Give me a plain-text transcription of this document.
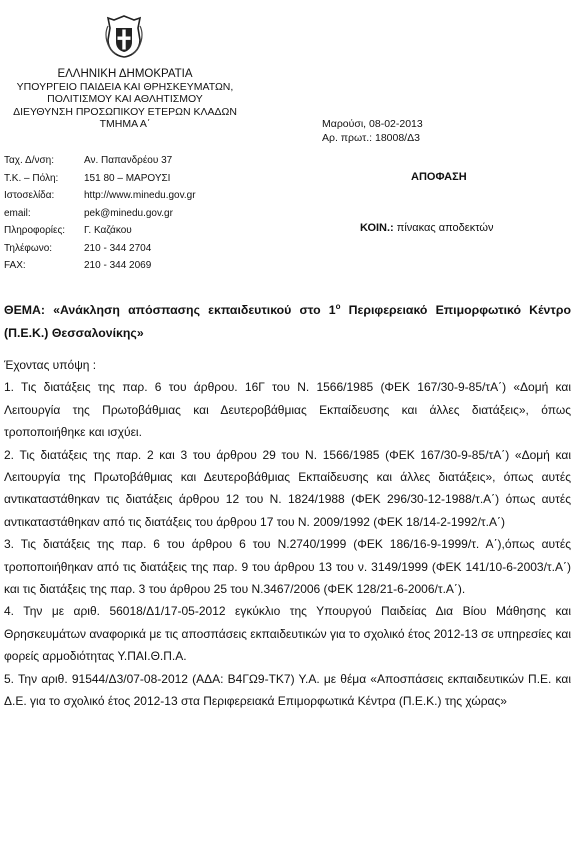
ΕΛΛΗΝΙΚΗ ΔΗΜΟΚΡΑΤΙΑ
ΥΠΟΥΡΓΕΙΟ ΠΑΙΔΕΙΑ ΚΑΙ ΘΡΗΣΚΕΥΜΑΤΩΝ,
ΠΟΛΙΤΙΣΜΟΥ ΚΑΙ ΑΘΛΗΤΙΣΜΟΥ
ΔΙΕΥΘΥΝΣΗ ΠΡΟΣΩΠΙΚΟΥ ΕΤΕΡΩΝ ΚΛΑΔΩΝ
ΤΜΗΜΑ Α΄	Μαρούσι, 08-02-2013
Αρ. πρωτ.: 18008/Δ3
Ταχ. Δ/νση:	Αν. Παπανδρέου 37
Τ.Κ. – Πόλη:	151 80 – ΜΑΡΟΥΣΙ
Ιστοσελίδα:	http://www.minedu.gov.gr
email:	pek@minedu.gov.gr
Πληροφορίες:	Γ. Καζάκου
Τηλέφωνο:	210 - 344 2704
FAX:	210 - 344 2069
ΑΠΟΦΑΣΗ
ΚΟΙΝ.: πίνακας αποδεκτών

ΘΕΜΑ: «Ανάκληση απόσπασης εκπαιδευτικού στο $1^o$ Περιφερειακό Επιμορφωτικό Κέντρο (Π.Ε.Κ.) Θεσσαλονίκης»

Έχοντας υπόψη :

1. Τις διατάξεις της παρ. 6 του άρθρου. 16Γ του Ν. 1566/1985 (ΦΕΚ 167/30-9-85/τΑ΄) «Δομή και Λειτουργία της Πρωτοβάθμιας και Δευτεροβάθμιας Εκπαίδευσης και άλλες διατάξεις», όπως τροποποιήθηκε και ισχύει.

2. Τις διατάξεις της παρ. 2 και 3 του άρθρου 29 του Ν. 1566/1985 (ΦΕΚ 167/30-9-85/τΑ΄) «Δομή και Λειτουργία της Πρωτοβάθμιας και Δευτεροβάθμιας Εκπαίδευσης και άλλες διατάξεις», όπως αυτές αντικαταστάθηκαν τις διατάξεις άρθρου 12 του Ν. 1824/1988 (ΦΕΚ 296/30-12-1988/τ.Α΄) όπως αυτές αντικαταστάθηκαν από τις διατάξεις του άρθρου 17 του Ν. 2009/1992 (ΦΕΚ 18/14-2-1992/τ.Α΄)

3. Τις διατάξεις της παρ. 6 του άρθρου 6 του Ν.2740/1999 (ΦΕΚ 186/16-9-1999/τ. Α΄),όπως αυτές τροποποιήθηκαν από τις διατάξεις της παρ. 9 του άρθρου 13 του ν. 3149/1999 (ΦΕΚ 141/10-6-2003/τ.Α΄) και τις διατάξεις της παρ. 3 του άρθρου 25 του Ν.3467/2006 (ΦΕΚ 128/21-6-2006/τ.Α΄).

4. Την με αριθ. 56018/Δ1/17-05-2012 εγκύκλιο της Υπουργού Παιδείας Δια Βίου Μάθησης και Θρησκευμάτων αναφορικά με τις αποσπάσεις εκπαιδευτικών για το σχολικό έτος 2012-13 σε υπηρεσίες και φορείς αρμοδιότητας Υ.ΠΑΙ.Θ.Π.Α.

5. Την αριθ. 91544/Δ3/07-08-2012 (ΑΔΑ: Β4ΓΩ9-ΤΚ7) Υ.Α. με θέμα «Αποσπάσεις εκπαιδευτικών Π.Ε. και Δ.Ε. για το σχολικό έτος 2012-13 στα Περιφερειακά Επιμορφωτικά Κέντρα (Π.Ε.Κ.) της χώρας»
